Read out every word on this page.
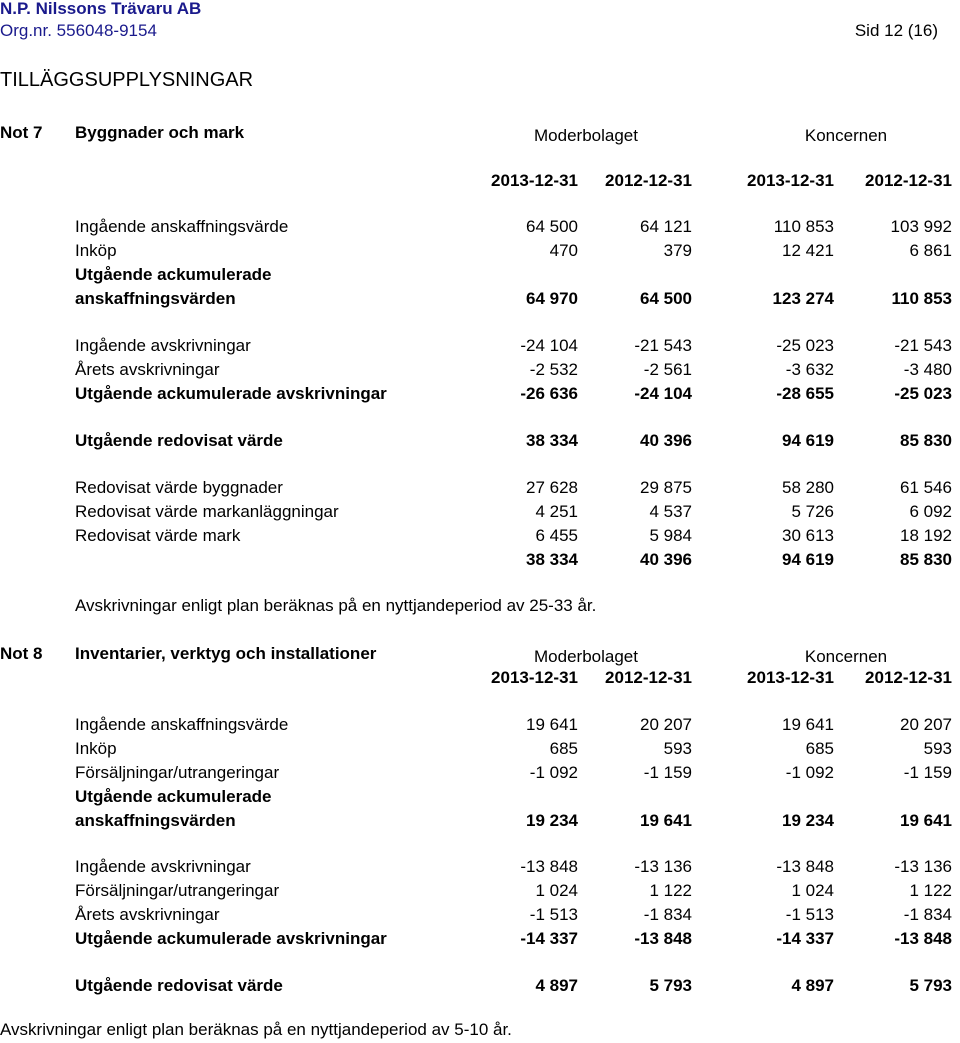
N.P. Nilssons Trävaru AB
Org.nr. 556048-9154	Sid 12 (16)
TILLÄGGSUPPLYSNINGAR
Not 7 Byggnader och mark	Moderbolaget	Koncernen
2013-12-31	2012-12-31	2013-12-31	2012-12-31
Ingående anskaffningsvärde	64 500	64 121	110 853	103 992
Inköp	470	379	12 421	6 861
Utgående ackumulerade
anskaffningsvärden	64 970	64 500	123 274	110 853
Ingående avskrivningar	-24 104	-21 543	-25 023	-21 543
Årets avskrivningar	-2 532	-2 561	-3 632	-3 480
Utgående ackumulerade avskrivningar	-26 636	-24 104	-28 655	-25 023
Utgående redovisat värde	38 334	40 396	94 619	85 830
Redovisat värde byggnader	27 628	29 875	58 280	61 546
Redovisat värde markanläggningar	4 251	4 537	5 726	6 092
Redovisat värde mark	6 455	5 984	30 613	18 192
38 334	40 396	94 619	85 830
Avskrivningar enligt plan beräknas på en nyttjandeperiod av 25-33 år.
Not 8 Inventarier, verktyg och installationer	Moderbolaget	Koncernen
2013-12-31	2012-12-31	2013-12-31	2012-12-31
Ingående anskaffningsvärde	19 641	20 207	19 641	20 207
Inköp	685	593	685	593
Försäljningar/utrangeringar	-1 092	-1 159	-1 092	-1 159
Utgående ackumulerade
anskaffningsvärden	19 234	19 641	19 234	19 641
Ingående avskrivningar	-13 848	-13 136	-13 848	-13 136
Försäljningar/utrangeringar	1 024	1 122	1 024	1 122
Årets avskrivningar	-1 513	-1 834	-1 513	-1 834
Utgående ackumulerade avskrivningar	-14 337	-13 848	-14 337	-13 848
Utgående redovisat värde	4 897	5 793	4 897	5 793
Avskrivningar enligt plan beräknas på en nyttjandeperiod av 5-10 år.
